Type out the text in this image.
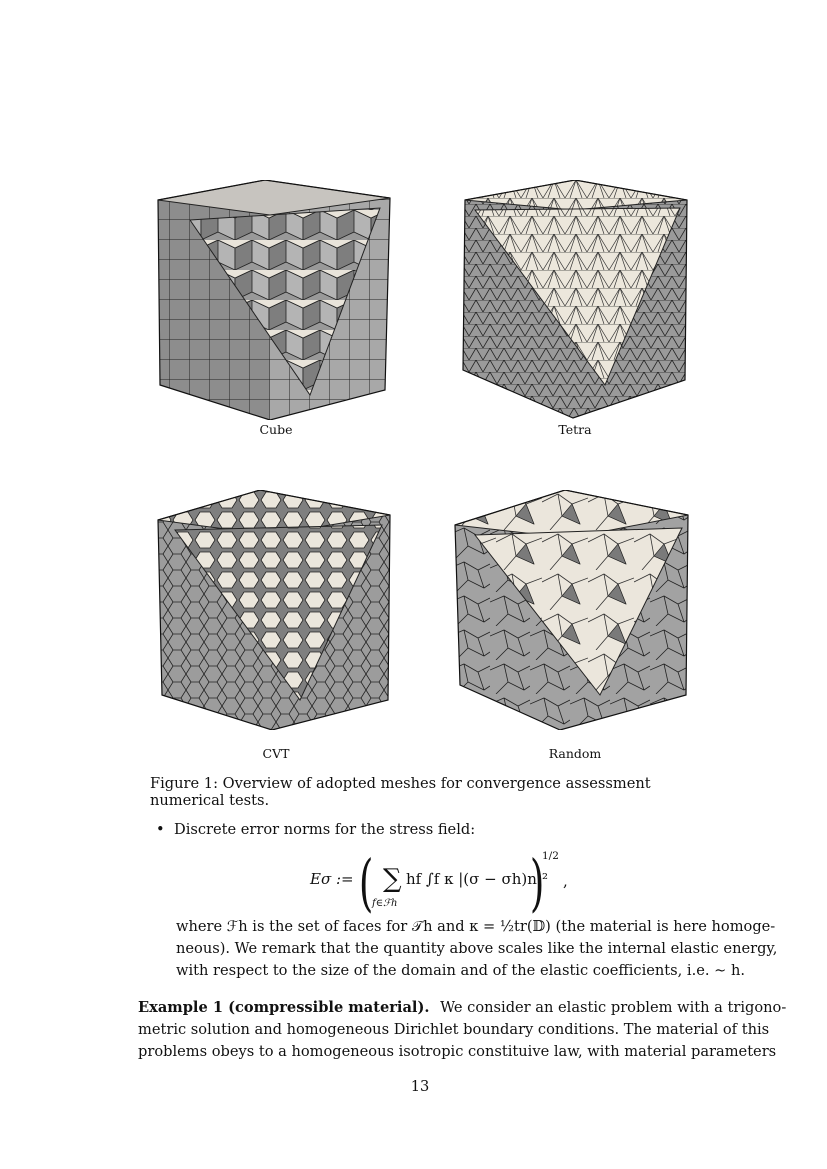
Cube	Tetra
CVT	Random
Figure 1: Overview of adopted meshes for convergence assessment numerical tests.
• Discrete error norms for the stress field:
Eσ := ( ∑
f∈ℱh
hf ∫f κ |(σ − σh)n|²
)
1/2
,
where ℱh is the set of faces for 𝒯h and κ = ½tr(𝔻) (the material is here homoge-
neous). We remark that the quantity above scales like the internal elastic energy,
with respect to the size of the domain and of the elastic coefficients, i.e. ∼ h.
Example 1 (compressible material). We consider an elastic problem with a trigono-
metric solution and homogeneous Dirichlet boundary conditions. The material of this
problems obeys to a homogeneous isotropic constituive law, with material parameters
13
